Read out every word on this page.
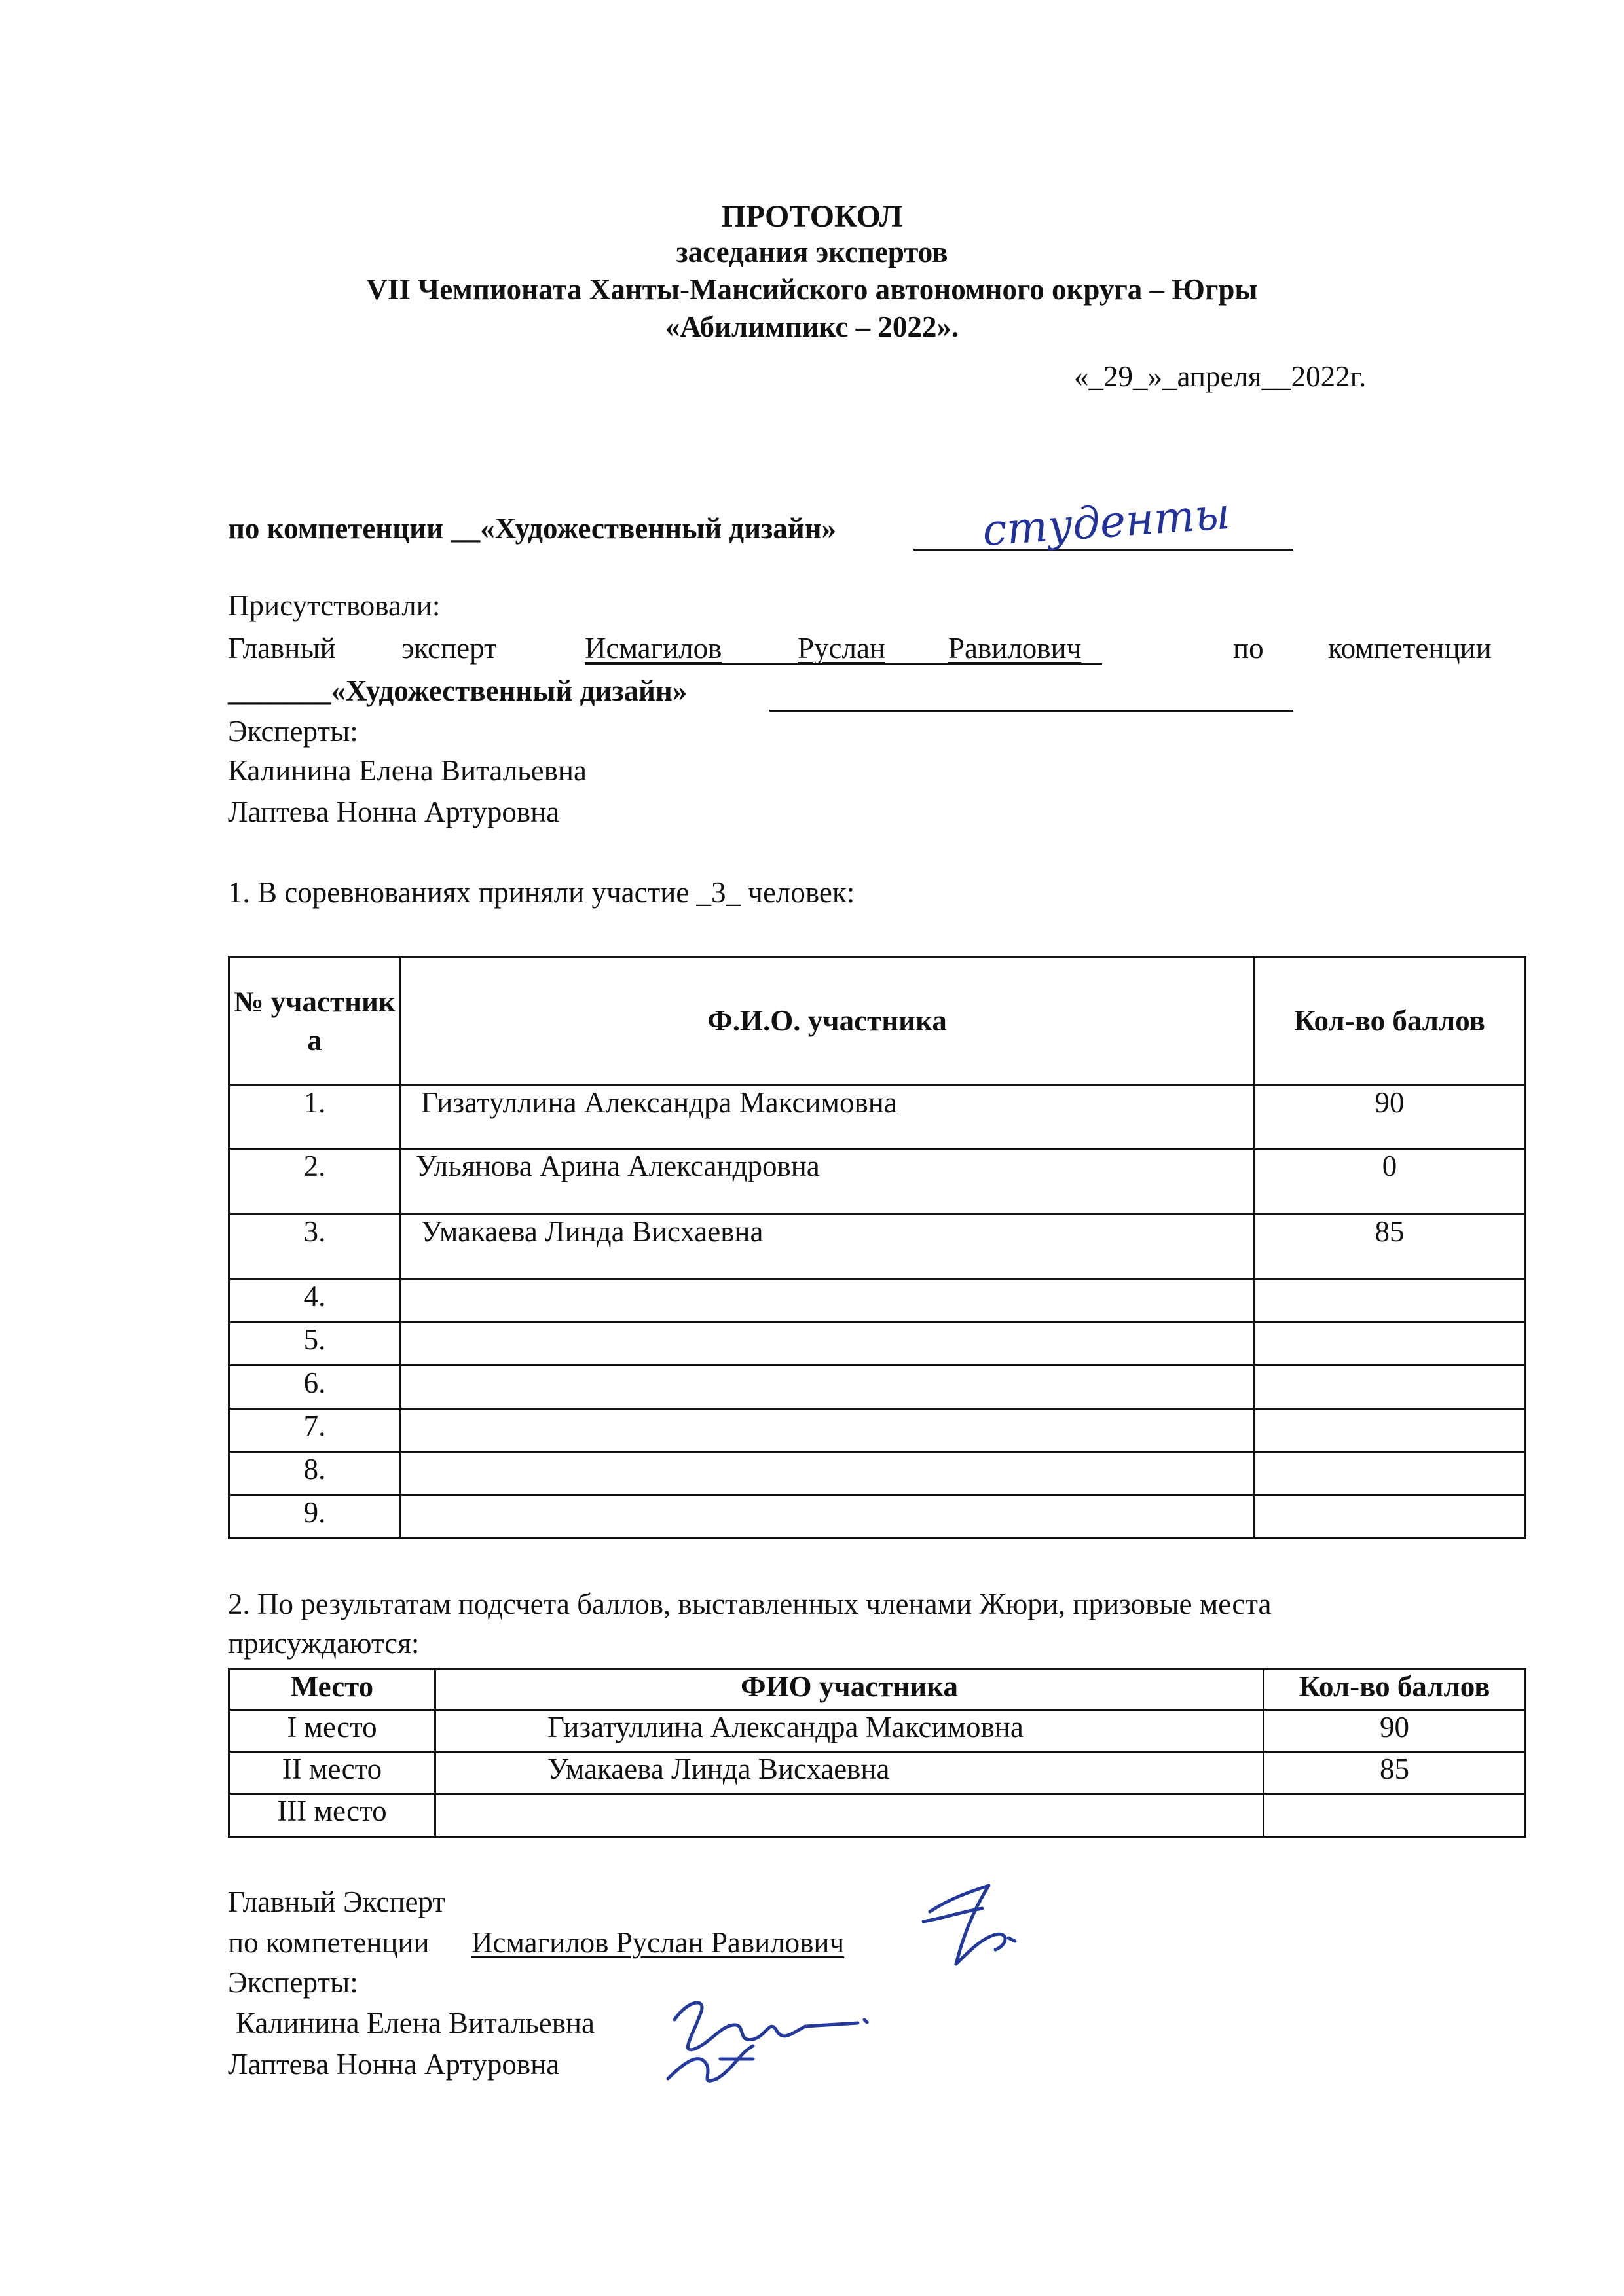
ПРОТОКОЛ
заседания экспертов
VII Чемпионата Ханты-Мансийского автономного округа – Югры
«Абилимпикс – 2022».
«_29_»_апреля__2022г.
по компетенции __«Художественный дизайн»	студенты
Присутствовали:
Главный эксперт	Исмагилов	Руслан Равилович	по компетенции
_______«Художественный дизайн»
Эксперты:
Калинина Елена Витальевна
Лаптева Нонна Артуровна
1. В соревнованиях приняли участие _3_ человек:
№ участник а	Ф.И.О. участника	Кол-во баллов
1.	Гизатуллина Александра Максимовна	90
2.	Ульянова Арина Александровна	0
3.	Умакаева Линда Висхаевна	85
4.		
5.		
6.		
7.		
8.		
9.		
2. По результатам подсчета баллов, выставленных членами Жюри, призовые места
присуждаются:
Место	ФИО участника	Кол-во баллов
I место	Гизатуллина Александра Максимовна	90
II место	Умакаева Линда Висхаевна	85
III место		
Главный Эксперт
по компетенции Исмагилов Руслан Равилович
Эксперты:
Калинина Елена Витальевна
Лаптева Нонна Артуровна
